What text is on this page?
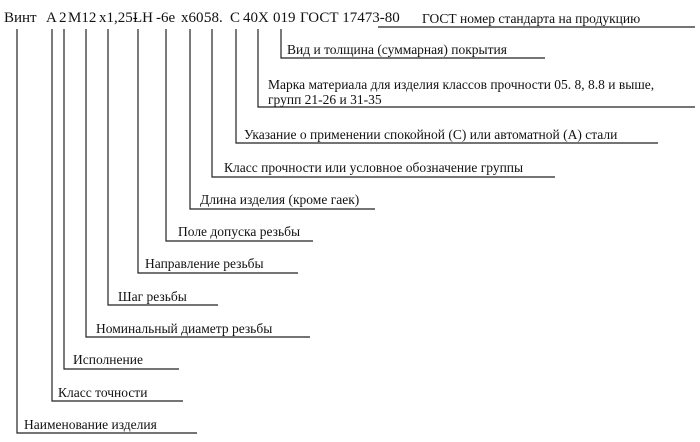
Винт А 2 М12 х1,25-
LH -6е х60.
58. С 40Х 019 ГОСТ 17473-80 ГОСТ номер стандарта на продукцию
Вид и толщина (суммарная) покрытия
Марка материала для изделия классов прочности 05. 8, 8.8 и выше,
групп 21-26 и 31-35
Указание о применении спокойной (С) или автоматной (А) стали
Класс прочности или условное обозначение группы
Длина изделия (кроме гаек)
Поле допуска резьбы
Направление резьбы
Шаг резьбы
Номинальный диаметр резьбы
Исполнение
Класс точности
Наименование изделия
